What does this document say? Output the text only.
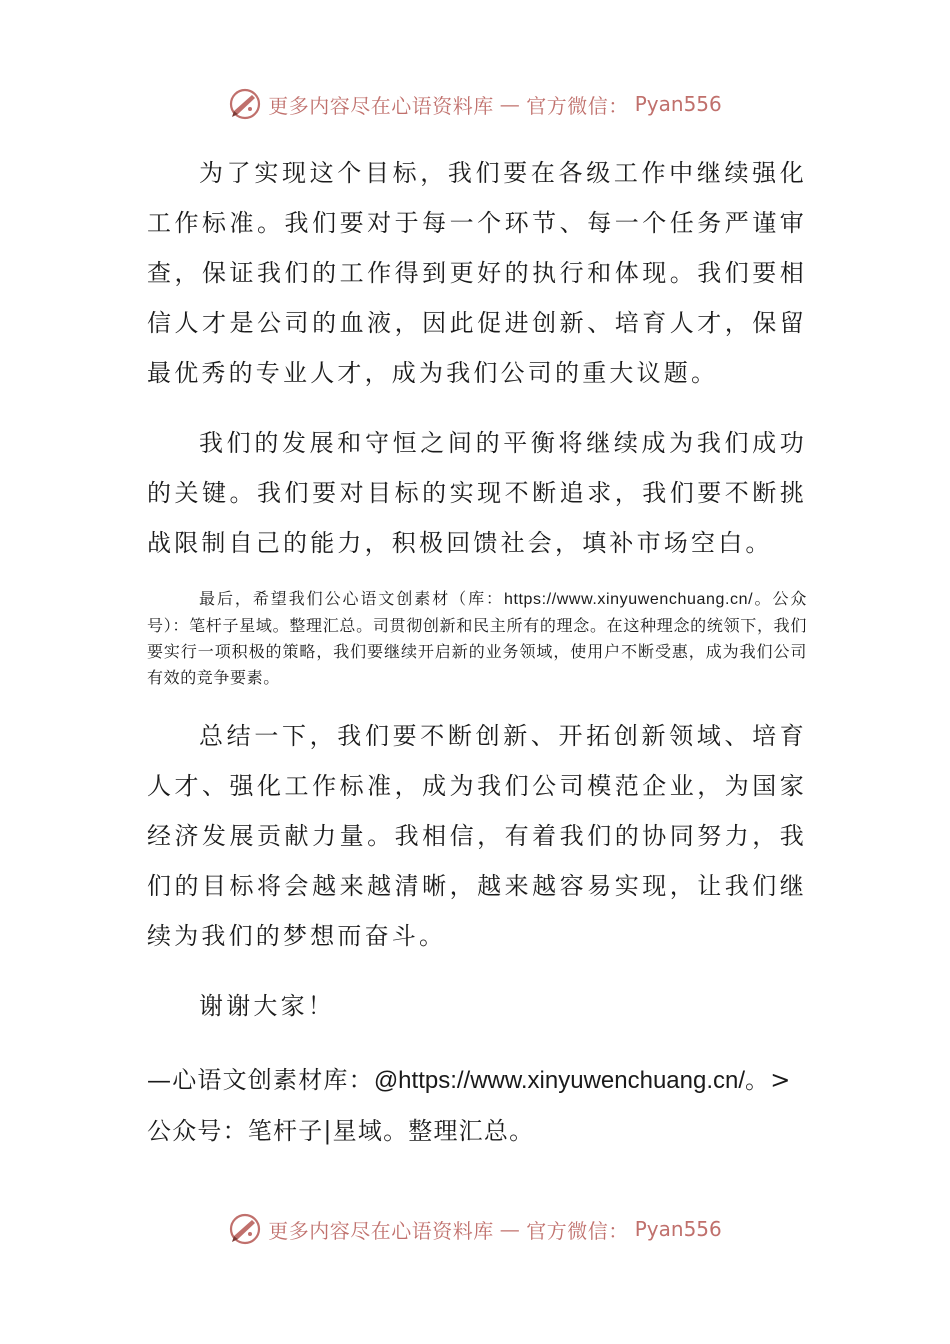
更多内容尽在心语资料库 — 官方微信： Pyan556

为了实现这个目标，我们要在各级工作中继续强化工作标准。我们要对于每一个环节、每一个任务严谨审查，保证我们的工作得到更好的执行和体现。我们要相信人才是公司的血液，因此促进创新、培育人才，保留最优秀的专业人才，成为我们公司的重大议题。

我们的发展和守恒之间的平衡将继续成为我们成功的关键。我们要对目标的实现不断追求，我们要不断挑战限制自己的能力，积极回馈社会，填补市场空白。

最后，希望我们公心语文创素材（库：https://www.xinyuwenchuang.cn/。公众号）：笔杆子星域。整理汇总。司贯彻创新和民主所有的理念。在这种理念的统领下，我们要实行一项积极的策略，我们要继续开启新的业务领域，使用户不断受惠，成为我们公司有效的竞争要素。

总结一下，我们要不断创新、开拓创新领域、培育人才、强化工作标准，成为我们公司模范企业，为国家经济发展贡献力量。我相信，有着我们的协同努力，我们的目标将会越来越清晰，越来越容易实现，让我们继续为我们的梦想而奋斗。

谢谢大家！

—心语文创素材库：@https://www.xinyuwenchuang.cn/。>公众号：笔杆子|星域。整理汇总。

更多内容尽在心语资料库 — 官方微信： Pyan556
